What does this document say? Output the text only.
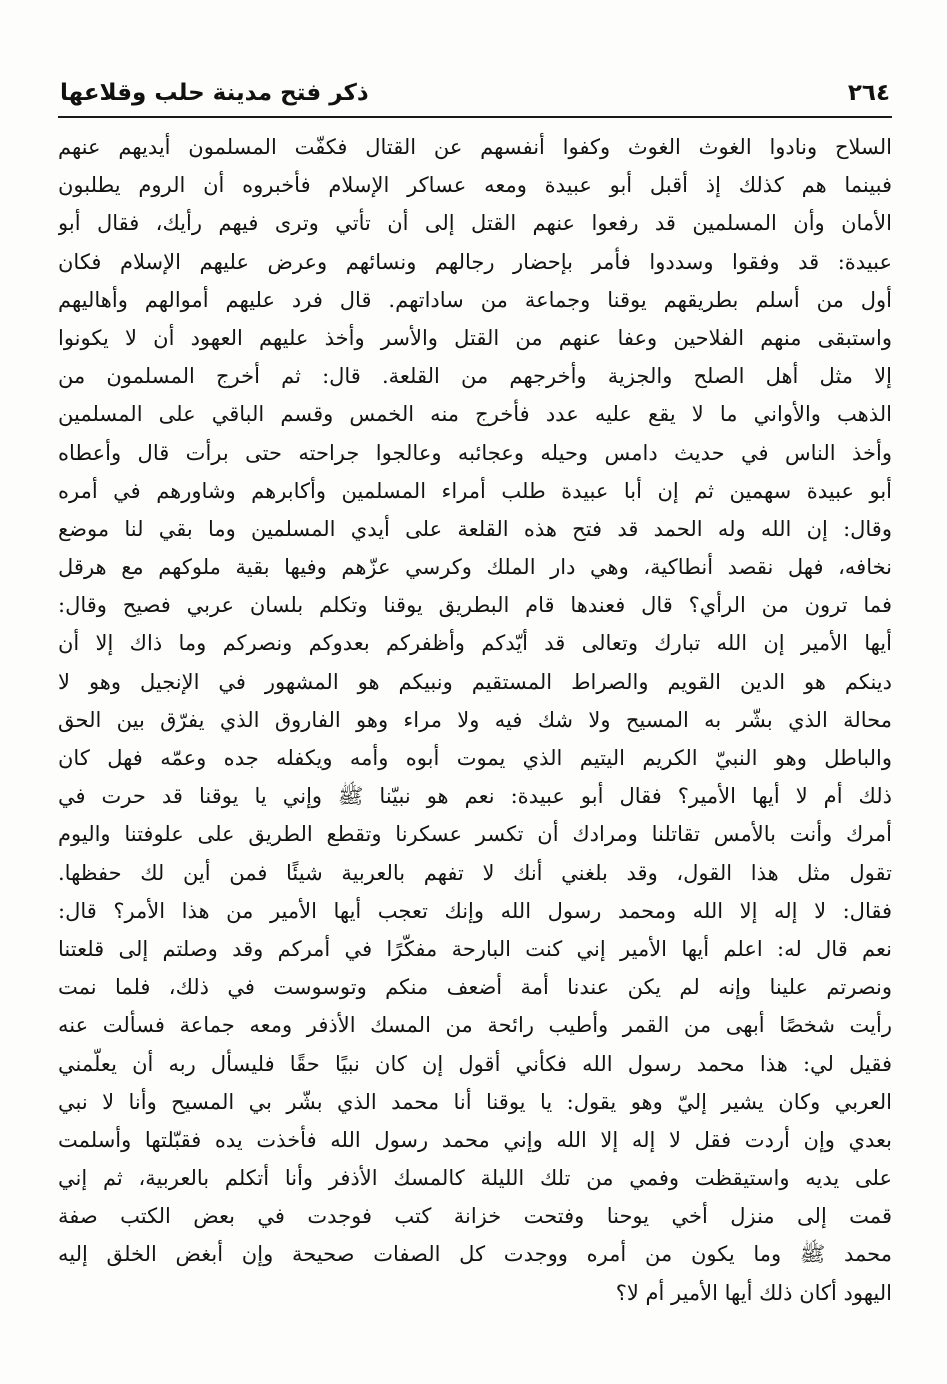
٢٦٤
ذكر فتح مدينة حلب وقلاعها
السلاح ونادوا الغوث الغوث وكفوا أنفسهم عن القتال فكفّت المسلمون أيديهم عنهم
فبينما هم كذلك إذ أقبل أبو عبيدة ومعه عساكر الإسلام فأخبروه أن الروم يطلبون
الأمان وأن المسلمين قد رفعوا عنهم القتل إلى أن تأتي وترى فيهم رأيك، فقال أبو
عبيدة: قد وفقوا وسددوا فأمر بإحضار رجالهم ونسائهم وعرض عليهم الإسلام فكان
أول من أسلم بطريقهم يوقنا وجماعة من ساداتهم. قال فرد عليهم أموالهم وأهاليهم
واستبقى منهم الفلاحين وعفا عنهم من القتل والأسر وأخذ عليهم العهود أن لا يكونوا
إلا مثل أهل الصلح والجزية وأخرجهم من القلعة. قال: ثم أخرج المسلمون من
الذهب والأواني ما لا يقع عليه عدد فأخرج منه الخمس وقسم الباقي على المسلمين
وأخذ الناس في حديث دامس وحيله وعجائبه وعالجوا جراحته حتى برأت قال وأعطاه
أبو عبيدة سهمين ثم إن أبا عبيدة طلب أمراء المسلمين وأكابرهم وشاورهم في أمره
وقال: إن الله وله الحمد قد فتح هذه القلعة على أيدي المسلمين وما بقي لنا موضع
نخافه، فهل نقصد أنطاكية، وهي دار الملك وكرسي عزّهم وفيها بقية ملوكهم مع هرقل
فما ترون من الرأي؟ قال فعندها قام البطريق يوقنا وتكلم بلسان عربي فصيح وقال:
أيها الأمير إن الله تبارك وتعالى قد أيّدكم وأظفركم بعدوكم ونصركم وما ذاك إلا أن
دينكم هو الدين القويم والصراط المستقيم ونبيكم هو المشهور في الإنجيل وهو لا
محالة الذي بشّر به المسيح ولا شك فيه ولا مراء وهو الفاروق الذي يفرّق بين الحق
والباطل وهو النبيّ الكريم اليتيم الذي يموت أبوه وأمه ويكفله جده وعمّه فهل كان
ذلك أم لا أيها الأمير؟ فقال أبو عبيدة: نعم هو نبيّنا ﷺ وإني يا يوقنا قد حرت في
أمرك وأنت بالأمس تقاتلنا ومرادك أن تكسر عسكرنا وتقطع الطريق على علوفتنا واليوم
تقول مثل هذا القول، وقد بلغني أنك لا تفهم بالعربية شيئًا فمن أين لك حفظها.
فقال: لا إله إلا الله ومحمد رسول الله وإنك تعجب أيها الأمير من هذا الأمر؟ قال:
نعم قال له: اعلم أيها الأمير إني كنت البارحة مفكّرًا في أمركم وقد وصلتم إلى قلعتنا
ونصرتم علينا وإنه لم يكن عندنا أمة أضعف منكم وتوسوست في ذلك، فلما نمت
رأيت شخصًا أبهى من القمر وأطيب رائحة من المسك الأذفر ومعه جماعة فسألت عنه
فقيل لي: هذا محمد رسول الله فكأني أقول إن كان نبيًا حقًا فليسأل ربه أن يعلّمني
العربي وكان يشير إليّ وهو يقول: يا يوقنا أنا محمد الذي بشّر بي المسيح وأنا لا نبي
بعدي وإن أردت فقل لا إله إلا الله وإني محمد رسول الله فأخذت يده فقبّلتها وأسلمت
على يديه واستيقظت وفمي من تلك الليلة كالمسك الأذفر وأنا أتكلم بالعربية، ثم إني
قمت إلى منزل أخي يوحنا وفتحت خزانة كتب فوجدت في بعض الكتب صفة
محمد ﷺ وما يكون من أمره ووجدت كل الصفات صحيحة وإن أبغض الخلق إليه
اليهود أكان ذلك أيها الأمير أم لا؟
